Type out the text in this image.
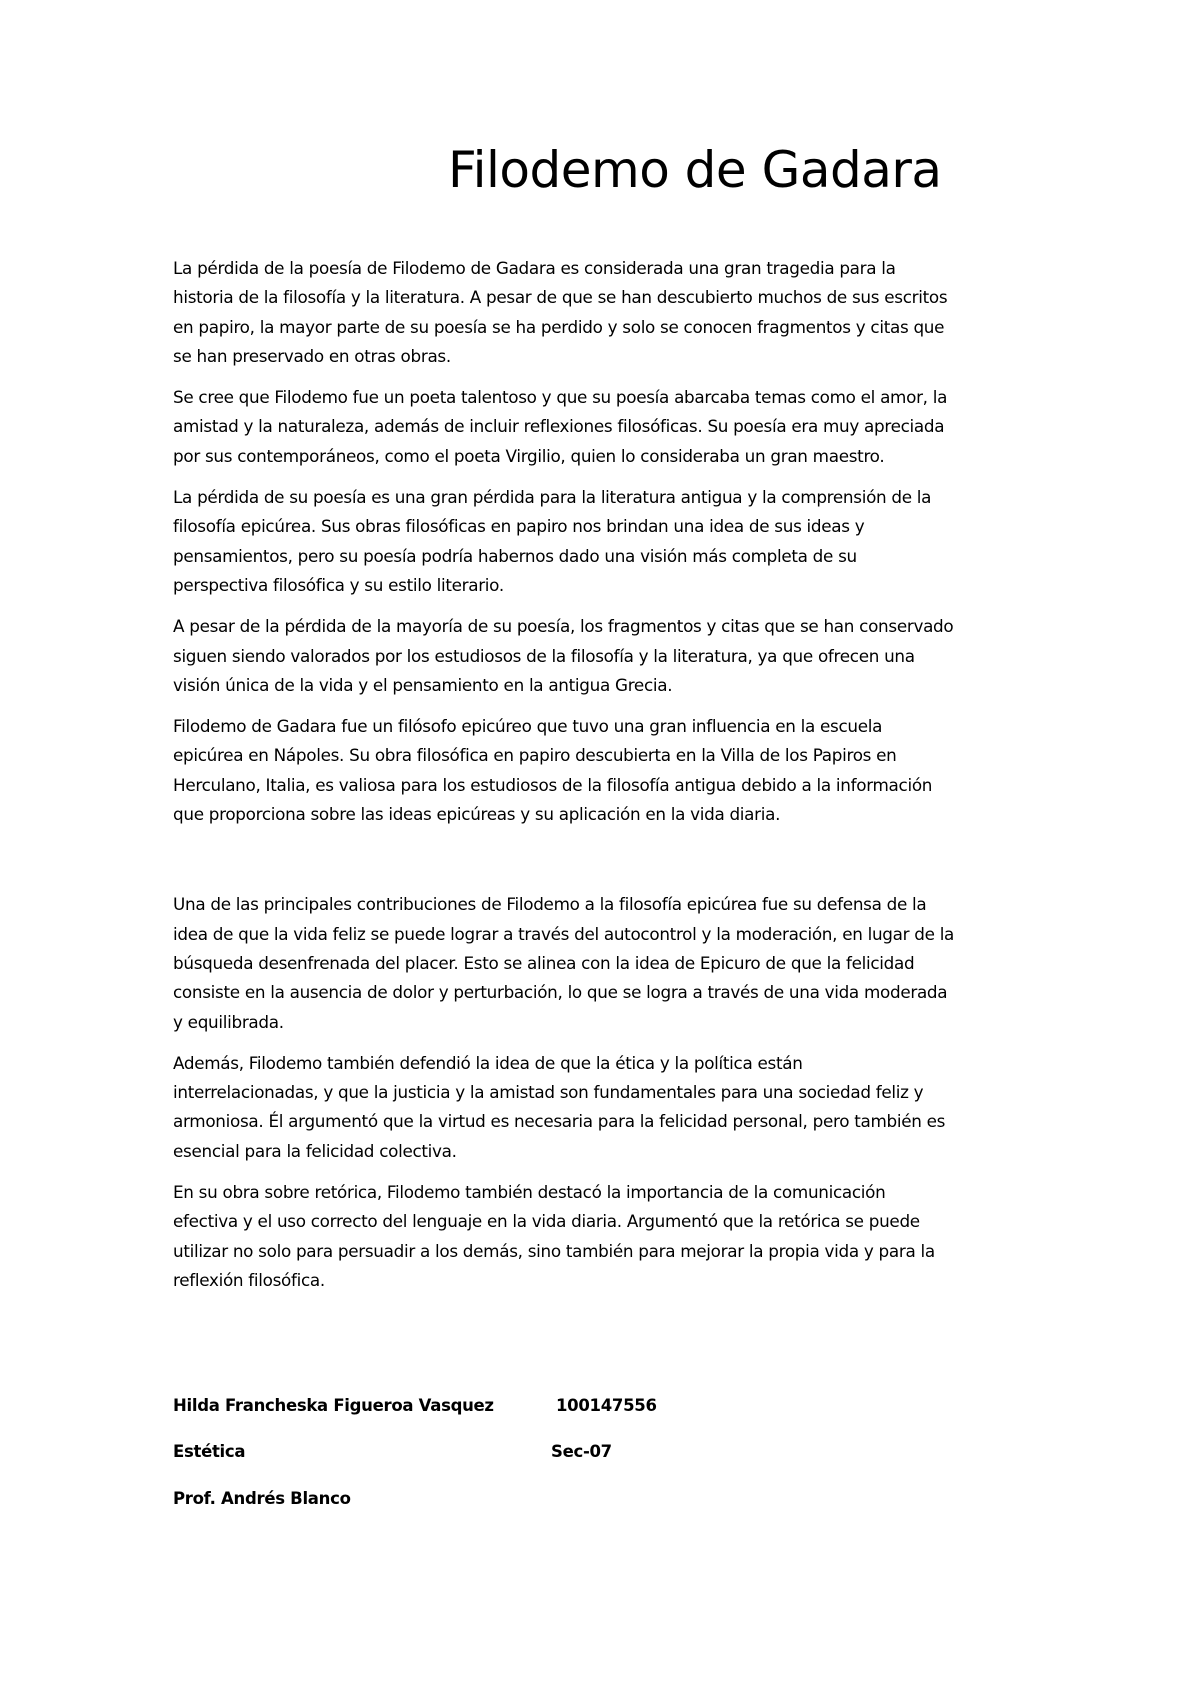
Filodemo de Gadara

La pérdida de la poesía de Filodemo de Gadara es considerada una gran tragedia para la
historia de la filosofía y la literatura. A pesar de que se han descubierto muchos de sus escritos
en papiro, la mayor parte de su poesía se ha perdido y solo se conocen fragmentos y citas que
se han preservado en otras obras.

Se cree que Filodemo fue un poeta talentoso y que su poesía abarcaba temas como el amor, la
amistad y la naturaleza, además de incluir reflexiones filosóficas. Su poesía era muy apreciada
por sus contemporáneos, como el poeta Virgilio, quien lo consideraba un gran maestro.

La pérdida de su poesía es una gran pérdida para la literatura antigua y la comprensión de la
filosofía epicúrea. Sus obras filosóficas en papiro nos brindan una idea de sus ideas y
pensamientos, pero su poesía podría habernos dado una visión más completa de su
perspectiva filosófica y su estilo literario.

A pesar de la pérdida de la mayoría de su poesía, los fragmentos y citas que se han conservado
siguen siendo valorados por los estudiosos de la filosofía y la literatura, ya que ofrecen una
visión única de la vida y el pensamiento en la antigua Grecia.

Filodemo de Gadara fue un filósofo epicúreo que tuvo una gran influencia en la escuela
epicúrea en Nápoles. Su obra filosófica en papiro descubierta en la Villa de los Papiros en
Herculano, Italia, es valiosa para los estudiosos de la filosofía antigua debido a la información
que proporciona sobre las ideas epicúreas y su aplicación en la vida diaria.

Una de las principales contribuciones de Filodemo a la filosofía epicúrea fue su defensa de la
idea de que la vida feliz se puede lograr a través del autocontrol y la moderación, en lugar de la
búsqueda desenfrenada del placer. Esto se alinea con la idea de Epicuro de que la felicidad
consiste en la ausencia de dolor y perturbación, lo que se logra a través de una vida moderada
y equilibrada.

Además, Filodemo también defendió la idea de que la ética y la política están
interrelacionadas, y que la justicia y la amistad son fundamentales para una sociedad feliz y
armoniosa. Él argumentó que la virtud es necesaria para la felicidad personal, pero también es
esencial para la felicidad colectiva.

En su obra sobre retórica, Filodemo también destacó la importancia de la comunicación
efectiva y el uso correcto del lenguaje en la vida diaria. Argumentó que la retórica se puede
utilizar no solo para persuadir a los demás, sino también para mejorar la propia vida y para la
reflexión filosófica.

Hilda Francheska Figueroa Vasquez	100147556
Estética	Sec-07
Prof. Andrés Blanco
